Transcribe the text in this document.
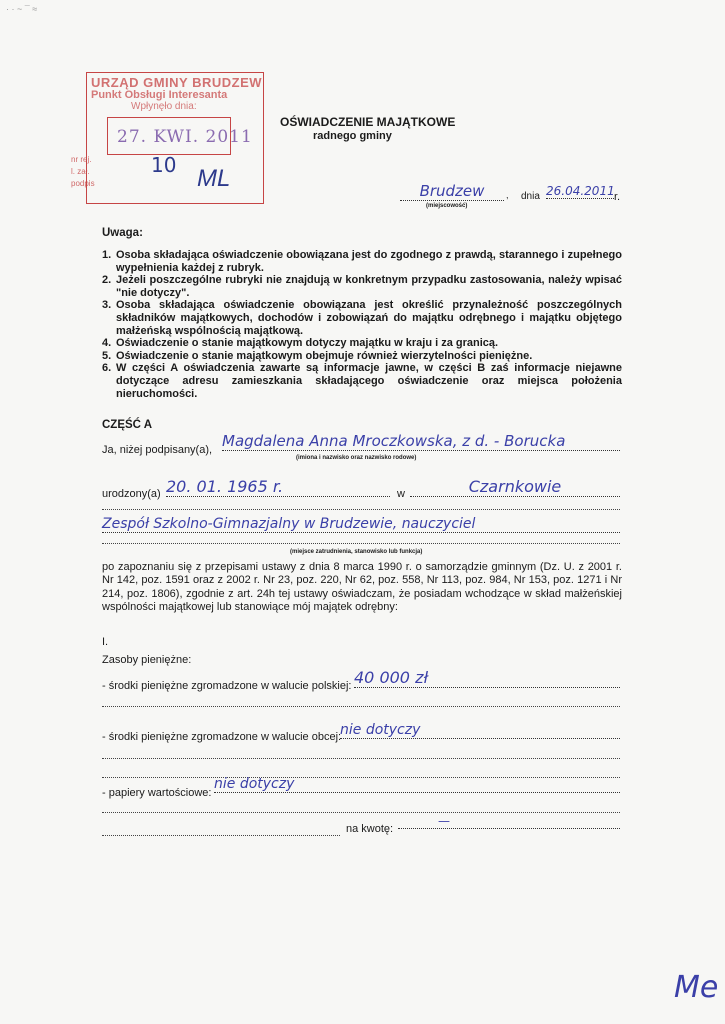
· · ~ ¯ ≈
URZĄD GMINY BRUDZEW
Punkt Obsługi Interesanta
Wpłynęło dnia:
27. KWI. 2011
nr rej.
l. zał.
podpis
10 ML
OŚWIADCZENIE MAJĄTKOWE
radnego gminy
Brudzew	,
(miejscowość)
dnia 26.04.2011 r.
Uwaga:
1. Osoba składająca oświadczenie obowiązana jest do zgodnego z prawdą, starannego i zupełnego wypełnienia każdej z rubryk.
2. Jeżeli poszczególne rubryki nie znajdują w konkretnym przypadku zastosowania, należy wpisać "nie dotyczy".
3. Osoba składająca oświadczenie obowiązana jest określić przynależność poszczególnych składników majątkowych, dochodów i zobowiązań do majątku odrębnego i majątku objętego małżeńską wspólnością majątkową.
4. Oświadczenie o stanie majątkowym dotyczy majątku w kraju i za granicą.
5. Oświadczenie o stanie majątkowym obejmuje również wierzytelności pieniężne.
6. W części A oświadczenia zawarte są informacje jawne, w części B zaś informacje niejawne dotyczące adresu zamieszkania składającego oświadczenie oraz miejsca położenia nieruchomości.
CZĘŚĆ A
Ja, niżej podpisany(a), Magdalena Anna Mroczkowska, z d. - Borucka
(imiona i nazwisko oraz nazwisko rodowe)
urodzony(a) 20. 01. 1965 r.	w	Czarnkowie
Zespół Szkolno-Gimnazjalny w Brudzewie, nauczyciel
(miejsce zatrudnienia, stanowisko lub funkcja)
po zapoznaniu się z przepisami ustawy z dnia 8 marca 1990 r. o samorządzie gminnym (Dz. U. z 2001 r. Nr 142, poz. 1591 oraz z 2002 r. Nr 23, poz. 220, Nr 62, poz. 558, Nr 113, poz. 984, Nr 153, poz. 1271 i Nr 214, poz. 1806), zgodnie z art. 24h tej ustawy oświadczam, że posiadam wchodzące w skład małżeńskiej wspólności majątkowej lub stanowiące mój majątek odrębny:
I.
Zasoby pieniężne:
- środki pieniężne zgromadzone w walucie polskiej: 40 000 zł
- środki pieniężne zgromadzone w walucie obcej:
nie dotyczy
- papiery wartościowe:
nie dotyczy
na kwotę:
—
Me
